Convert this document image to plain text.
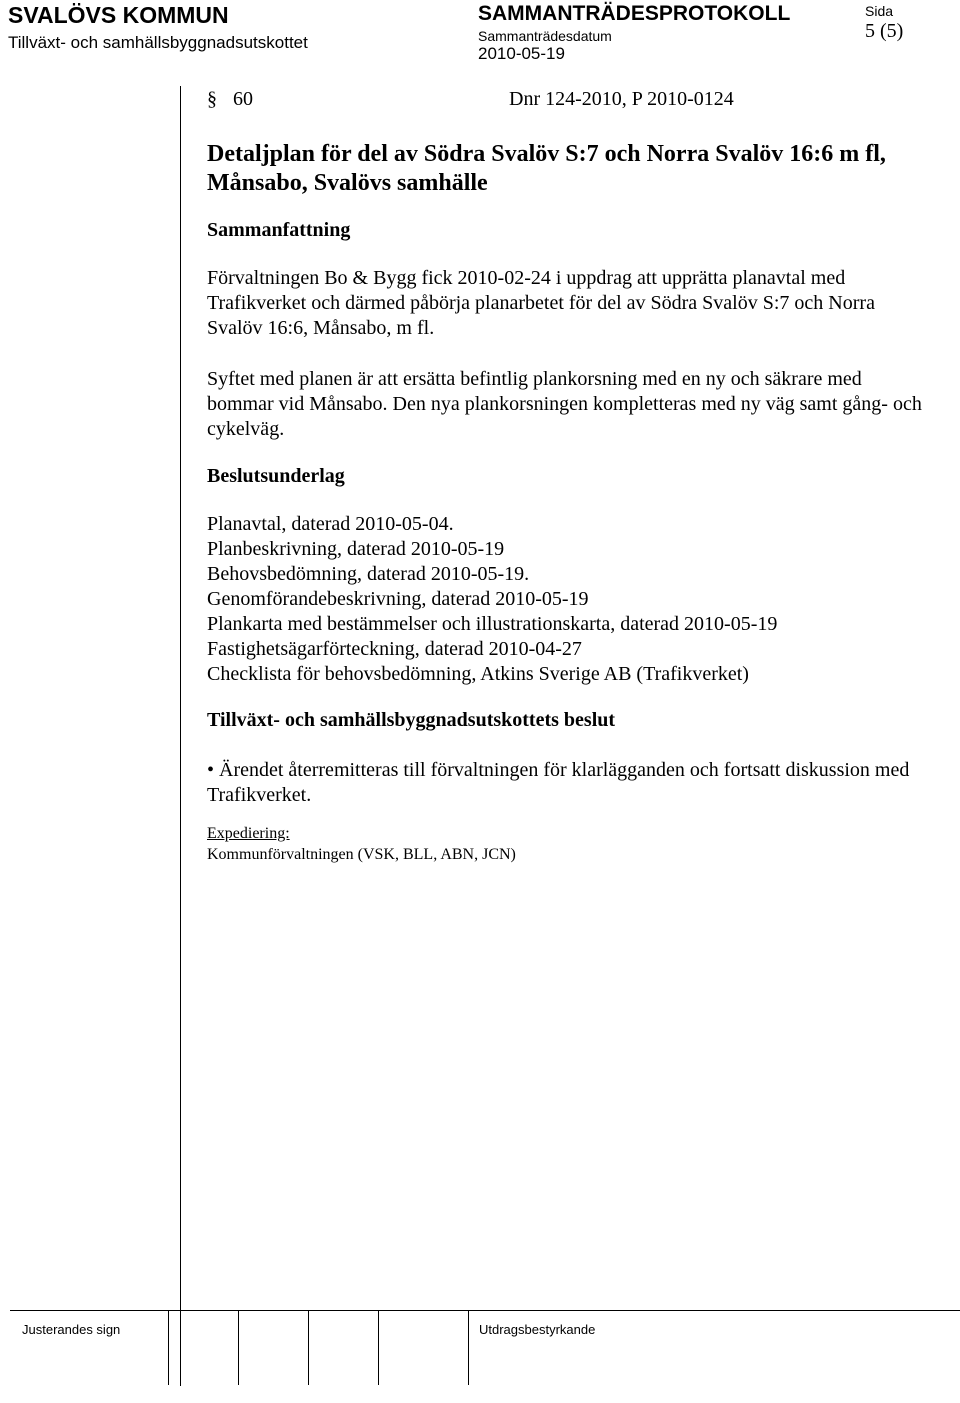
SVALÖVS KOMMUN
Tillväxt- och samhällsbyggnadsutskottet
SAMMANTRÄDESPROTOKOLL
Sammanträdesdatum
2010-05-19
Sida
5 (5)
§ 60	Dnr 124-2010, P 2010-0124
Detaljplan för del av Södra Svalöv S:7 och Norra Svalöv 16:6 m fl, Månsabo, Svalövs samhälle
Sammanfattning
Förvaltningen Bo & Bygg fick 2010-02-24 i uppdrag att upprätta planavtal med Trafikverket och därmed påbörja planarbetet för del av Södra Svalöv S:7 och Norra Svalöv 16:6, Månsabo, m fl.
Syftet med planen är att ersätta befintlig plankorsning med en ny och säkrare med bommar vid Månsabo. Den nya plankorsningen kompletteras med ny väg samt gång- och cykelväg.
Beslutsunderlag
Planavtal, daterad 2010-05-04.
Planbeskrivning, daterad 2010-05-19
Behovsbedömning, daterad 2010-05-19.
Genomförandebeskrivning, daterad 2010-05-19
Plankarta med bestämmelser och illustrationskarta, daterad 2010-05-19
Fastighetsägarförteckning, daterad 2010-04-27
Checklista för behovsbedömning, Atkins Sverige AB (Trafikverket)
Tillväxt- och samhällsbyggnadsutskottets beslut
• Ärendet återremitteras till förvaltningen för klarlägganden och fortsatt diskussion med Trafikverket.
Expediering:
Kommunförvaltningen (VSK, BLL, ABN, JCN)
Justerandes sign	Utdragsbestyrkande
